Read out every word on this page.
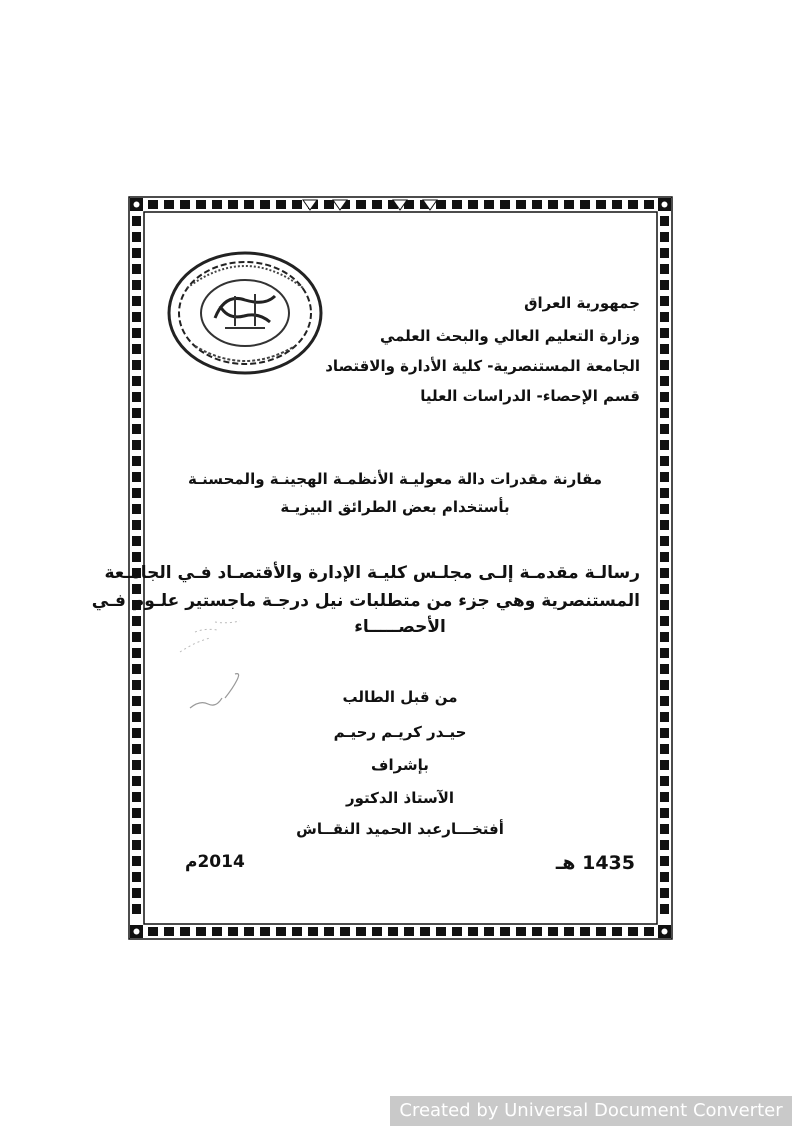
جمهورية العراق
وزارة التعليم العالي والبحث العلمي
الجامعة المستنصرية- كلية الأدارة والاقتصاد
قسم الإحصاء- الدراسات العليا
مقارنة مقدرات دالة معوليـة الأنظمـة الهجينـة والمحسنـة
بأستخدام بعض الطرائق البيزيـة
رسالـة مقدمـة إلـى مجلـس كليـة الإدارة والأقتصـاد فـي الجامـعة
المستنصرية وهي جزء من متطلبات نيل درجـة ماجستير علـوم فـي
الأحصـــــاء
من قبل الطالب
حيـدر كريـم رحيـم
بإشراف
الآستاذ الدكتور
أفتخـــارعبد الحميد النقــاش
1435 هـ
2014م
Created by Universal Document Converter
